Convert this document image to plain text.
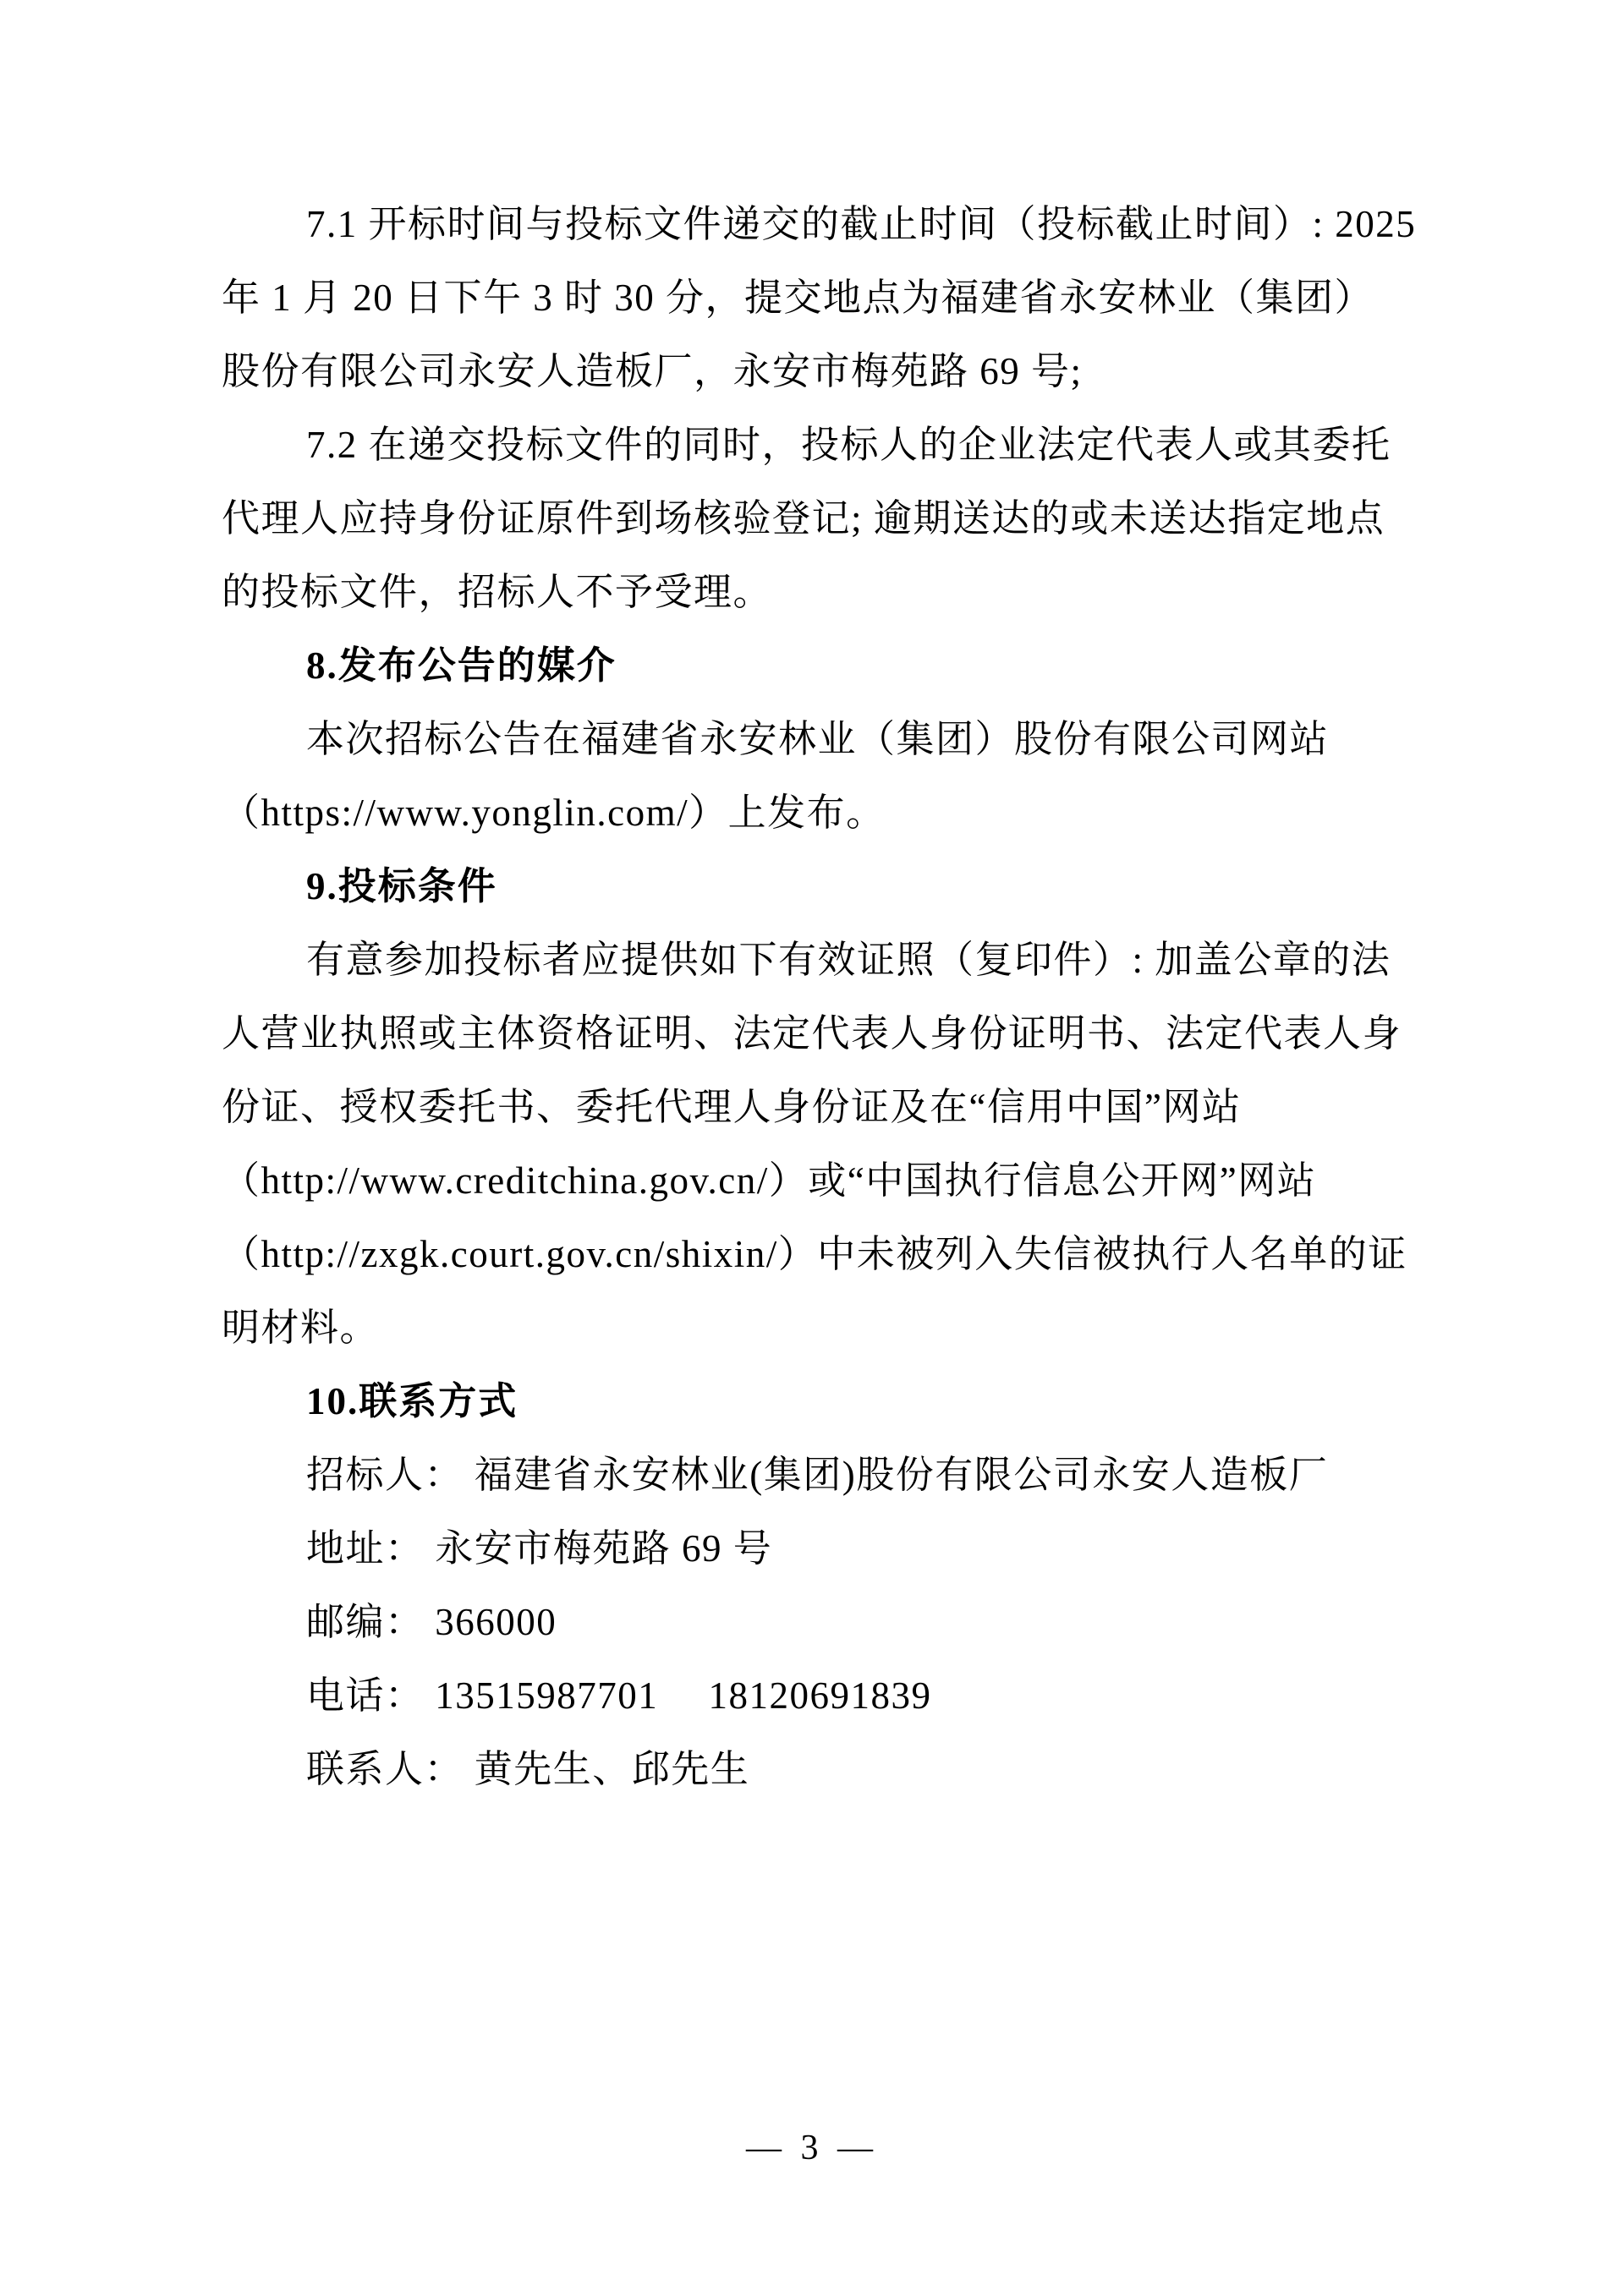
7.1 开标时间与投标文件递交的截止时间（投标截止时间）: 2025
年 1 月 20 日下午 3 时 30 分，提交地点为福建省永安林业（集团）
股份有限公司永安人造板厂，永安市梅苑路 69 号;
7.2 在递交投标文件的同时，投标人的企业法定代表人或其委托
代理人应持身份证原件到场核验登记; 逾期送达的或未送达指定地点
的投标文件，招标人不予受理。
8.发布公告的媒介
本次招标公告在福建省永安林业（集团）股份有限公司网站
（https://www.yonglin.com/）上发布。
9.投标条件
有意参加投标者应提供如下有效证照（复印件）: 加盖公章的法
人营业执照或主体资格证明、法定代表人身份证明书、法定代表人身
份证、授权委托书、委托代理人身份证及在“信用中国”网站
（http://www.creditchina.gov.cn/）或“中国执行信息公开网”网站
（http://zxgk.court.gov.cn/shixin/）中未被列入失信被执行人名单的证
明材料。
10.联系方式
招标人： 福建省永安林业(集团)股份有限公司永安人造板厂
地址： 永安市梅苑路 69 号
邮编： 366000
电话： 13515987701　 18120691839
联系人： 黄先生、邱先生
— 3 —
